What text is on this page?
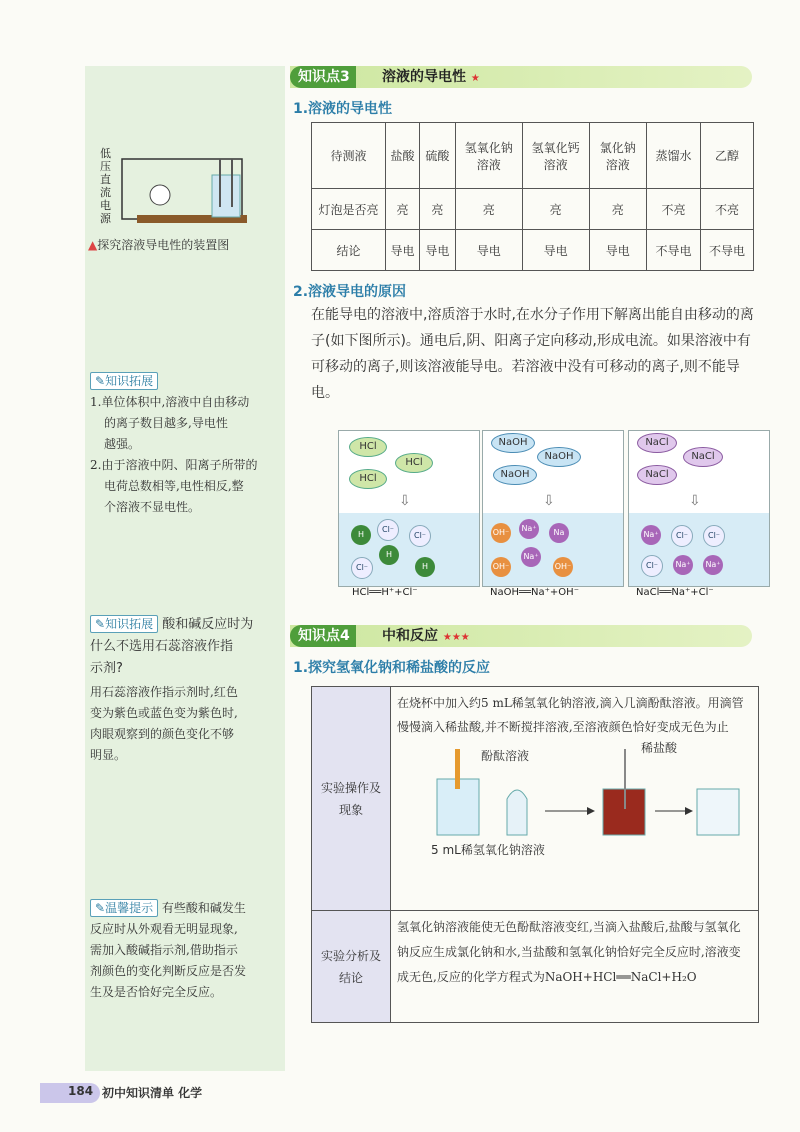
低压直流电源
▲探究溶液导电性的装置图
✎知识拓展
1.单位体积中,溶液中自由移动
的离子数目越多,导电性
越强。
2.由于溶液中阴、阳离子所带的
电荷总数相等,电性相反,整
个溶液不显电性。
✎知识拓展 酸和碱反应时为
什么不选用石蕊溶液作指
示剂?
用石蕊溶液作指示剂时,红色
变为紫色或蓝色变为紫色时,
肉眼观察到的颜色变化不够
明显。
✎温馨提示 有些酸和碱发生
反应时从外观看无明显现象,
需加入酸碱指示剂,借助指示
剂颜色的变化判断反应是否发
生及是否恰好完全反应。
知识点3	溶液的导电性 ★
1.溶液的导电性
待测液	盐酸	硫酸	氢氧化钠溶液	氢氧化钙溶液	氯化钠溶液	蒸馏水	乙醇
灯泡是否亮	亮	亮	亮	亮	亮	不亮	不亮
结论	导电	导电	导电	导电	导电	不导电	不导电
2.溶液导电的原因
在能导电的溶液中,溶质溶于水时,在水分子作用下解离出能自由移动的离子(如下图所示)。通电后,阴、阳离子定向移动,形成电流。如果溶液中有可移动的离子,则该溶液能导电。若溶液中没有可移动的离子,则不能导电。
HCl
HCl
HCl
⇩
H
Cl⁻
Cl⁻
H
Cl⁻	H
HCl══H⁺+Cl⁻
NaOH
NaOH
NaOH
⇩
OH⁻	Na⁺	Na
Na⁺
OH⁻	OH⁻
NaOH══Na⁺+OH⁻
NaCl
NaCl
NaCl
⇩
Na⁺	Cl⁻	Cl⁻
Cl⁻	Na⁺	Na⁺
NaCl══Na⁺+Cl⁻
知识点4	中和反应 ★★★
1.探究氢氧化钠和稀盐酸的反应
实验操作及现象	在烧杯中加入约5 mL稀氢氧化钠溶液,滴入几滴酚酞溶液。用滴管慢慢滴入稀盐酸,并不断搅拌溶液,至溶液颜色恰好变成无色为止
酚酞溶液
稀盐酸
5 mL稀氢氧化钠溶液

实验分析及结论	氢氧化钠溶液能使无色酚酞溶液变红,当滴入盐酸后,盐酸与氢氧化钠反应生成氯化钠和水,当盐酸和氢氧化钠恰好完全反应时,溶液变成无色,反应的化学方程式为NaOH+HCl══NaCl+H₂O
184 初中知识清单 化学
